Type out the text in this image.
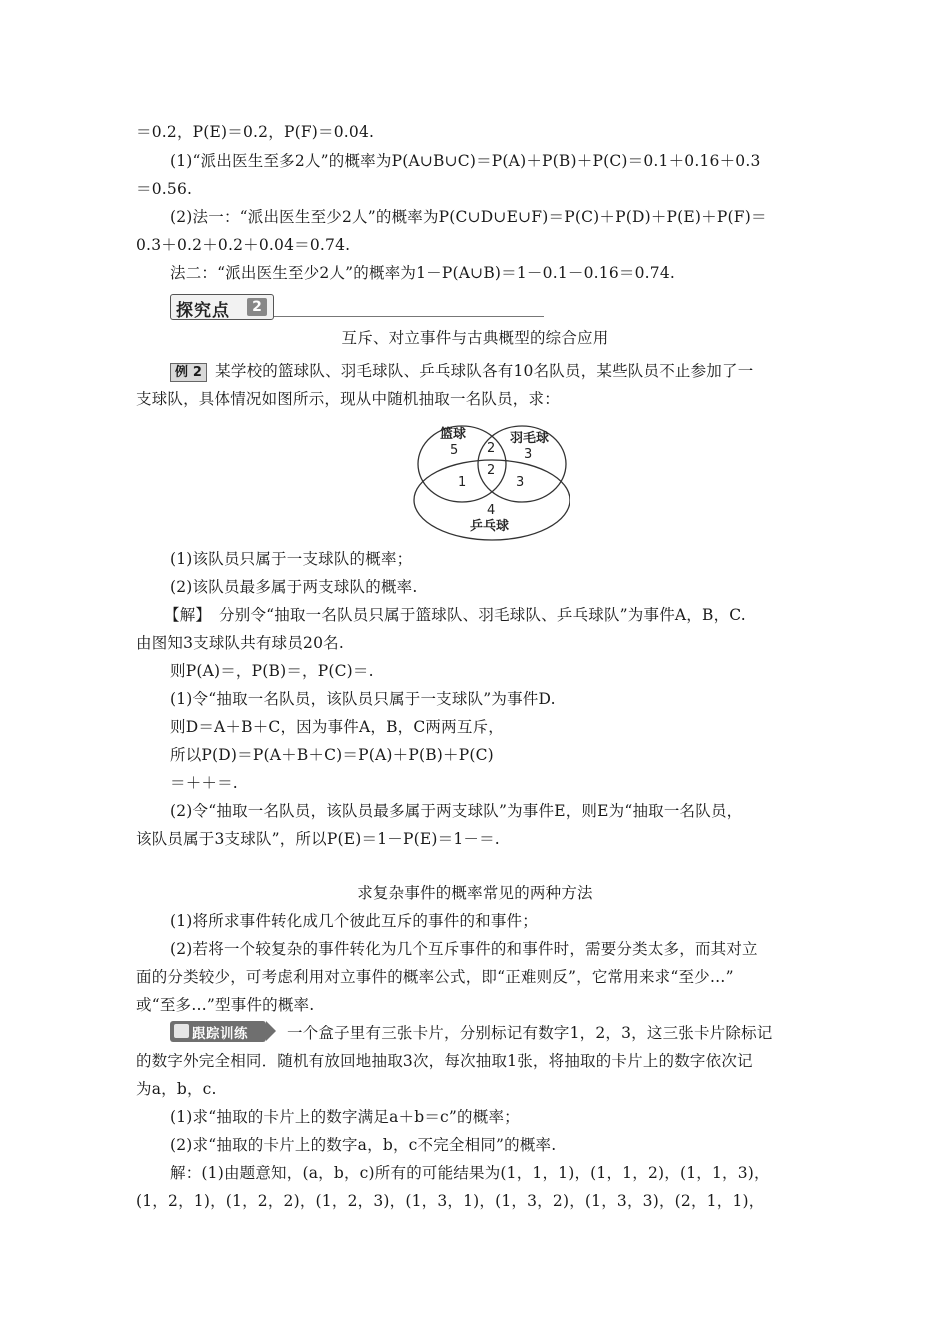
＝0.2，P(E)＝0.2，P(F)＝0.04.
(1)“派出医生至多2人”的概率为P(A∪B∪C)＝P(A)＋P(B)＋P(C)＝0.1＋0.16＋0.3
＝0.56.
(2)法一：“派出医生至少2人”的概率为P(C∪D∪E∪F)＝P(C)＋P(D)＋P(E)＋P(F)＝
0.3＋0.2＋0.2＋0.04＝0.74.
法二：“派出医生至少2人”的概率为1－P(A∪B)＝1－0.1－0.16＝0.74.
探究点	2
互斥、对立事件与古典概型的综合应用
例 2 某学校的篮球队、羽毛球队、乒乓球队各有10名队员，某些队员不止参加了一
支球队，具体情况如图所示，现从中随机抽取一名队员，求：
篮球
5
羽毛球
3
2
2
1	3
4
乒乓球
(1)该队员只属于一支球队的概率；
(2)该队员最多属于两支球队的概率.
【解】　分别令“抽取一名队员只属于篮球队、羽毛球队、乒乓球队”为事件A，B，C.
由图知3支球队共有球员20名.
则P(A)＝，P(B)＝，P(C)＝.
(1)令“抽取一名队员，该队员只属于一支球队”为事件D.
则D＝A＋B＋C，因为事件A，B，C两两互斥，
所以P(D)＝P(A＋B＋C)＝P(A)＋P(B)＋P(C)
＝＋＋＝.
(2)令“抽取一名队员，该队员最多属于两支球队”为事件E，则E为“抽取一名队员，
该队员属于3支球队”，所以P(E)＝1－P(E)＝1－＝.
求复杂事件的概率常见的两种方法
(1)将所求事件转化成几个彼此互斥的事件的和事件；
(2)若将一个较复杂的事件转化为几个互斥事件的和事件时，需要分类太多，而其对立
面的分类较少，可考虑利用对立事件的概率公式，即“正难则反”，它常用来求“至少…”
或“至多…”型事件的概率.
跟踪训练	一个盒子里有三张卡片，分别标记有数字1，2，3，这三张卡片除标记
的数字外完全相同．随机有放回地抽取3次，每次抽取1张，将抽取的卡片上的数字依次记
为a，b，c.
(1)求“抽取的卡片上的数字满足a＋b＝c”的概率；
(2)求“抽取的卡片上的数字a，b，c不完全相同”的概率.
解：(1)由题意知，(a，b，c)所有的可能结果为(1，1，1)，(1，1，2)，(1，1，3)，
(1，2，1)，(1，2，2)，(1，2，3)，(1，3，1)，(1，3，2)，(1，3，3)，(2，1，1)，
